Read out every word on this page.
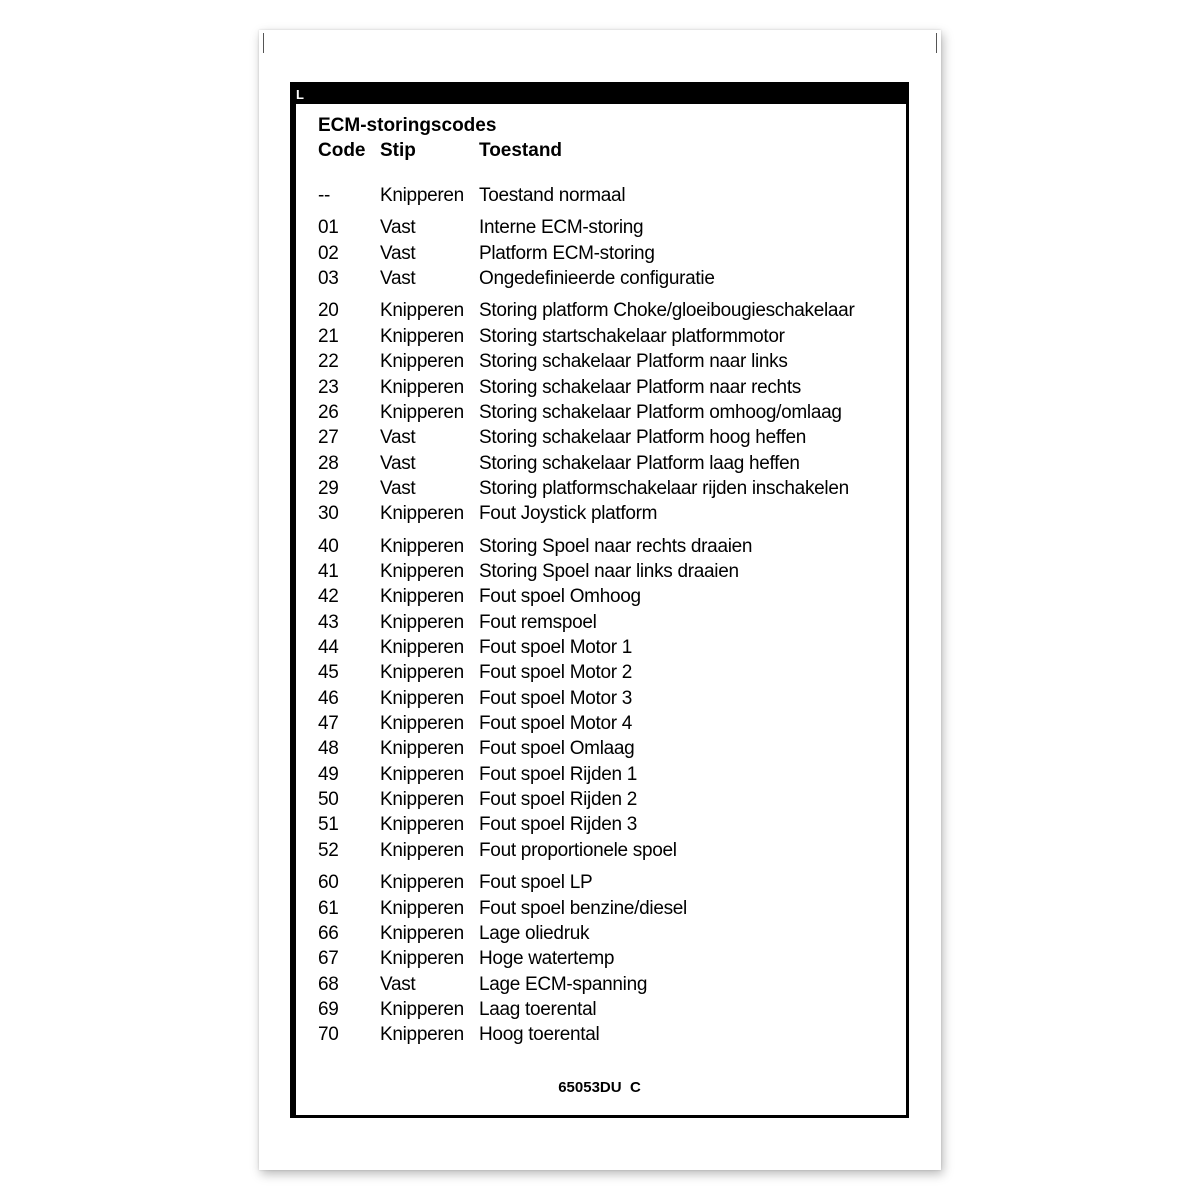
L
ECM-storingscodes
Code Stip	Toestand
--	Knipperen Toestand normaal
01 Vast	Interne ECM-storing
02 Vast	Platform ECM-storing
03 Vast	Ongedefinieerde configuratie
20 Knipperen Storing platform Choke/gloeibougieschakelaar
21 Knipperen Storing startschakelaar platformmotor
22 Knipperen Storing schakelaar Platform naar links
23 Knipperen Storing schakelaar Platform naar rechts
26 Knipperen Storing schakelaar Platform omhoog/omlaag
27 Vast	Storing schakelaar Platform hoog heffen
28 Vast	Storing schakelaar Platform laag heffen
29 Vast	Storing platformschakelaar rijden inschakelen
30 Knipperen Fout Joystick platform
40 Knipperen Storing Spoel naar rechts draaien
41 Knipperen Storing Spoel naar links draaien
42 Knipperen Fout spoel Omhoog
43 Knipperen Fout remspoel
44 Knipperen Fout spoel Motor 1
45 Knipperen Fout spoel Motor 2
46 Knipperen Fout spoel Motor 3
47 Knipperen Fout spoel Motor 4
48 Knipperen Fout spoel Omlaag
49 Knipperen Fout spoel Rijden 1
50 Knipperen Fout spoel Rijden 2
51 Knipperen Fout spoel Rijden 3
52 Knipperen Fout proportionele spoel
60 Knipperen Fout spoel LP
61 Knipperen Fout spoel benzine/diesel
66 Knipperen Lage oliedruk
67 Knipperen Hoge watertemp
68 Vast	Lage ECM-spanning
69 Knipperen Laag toerental
70 Knipperen Hoog toerental
65053DU C
